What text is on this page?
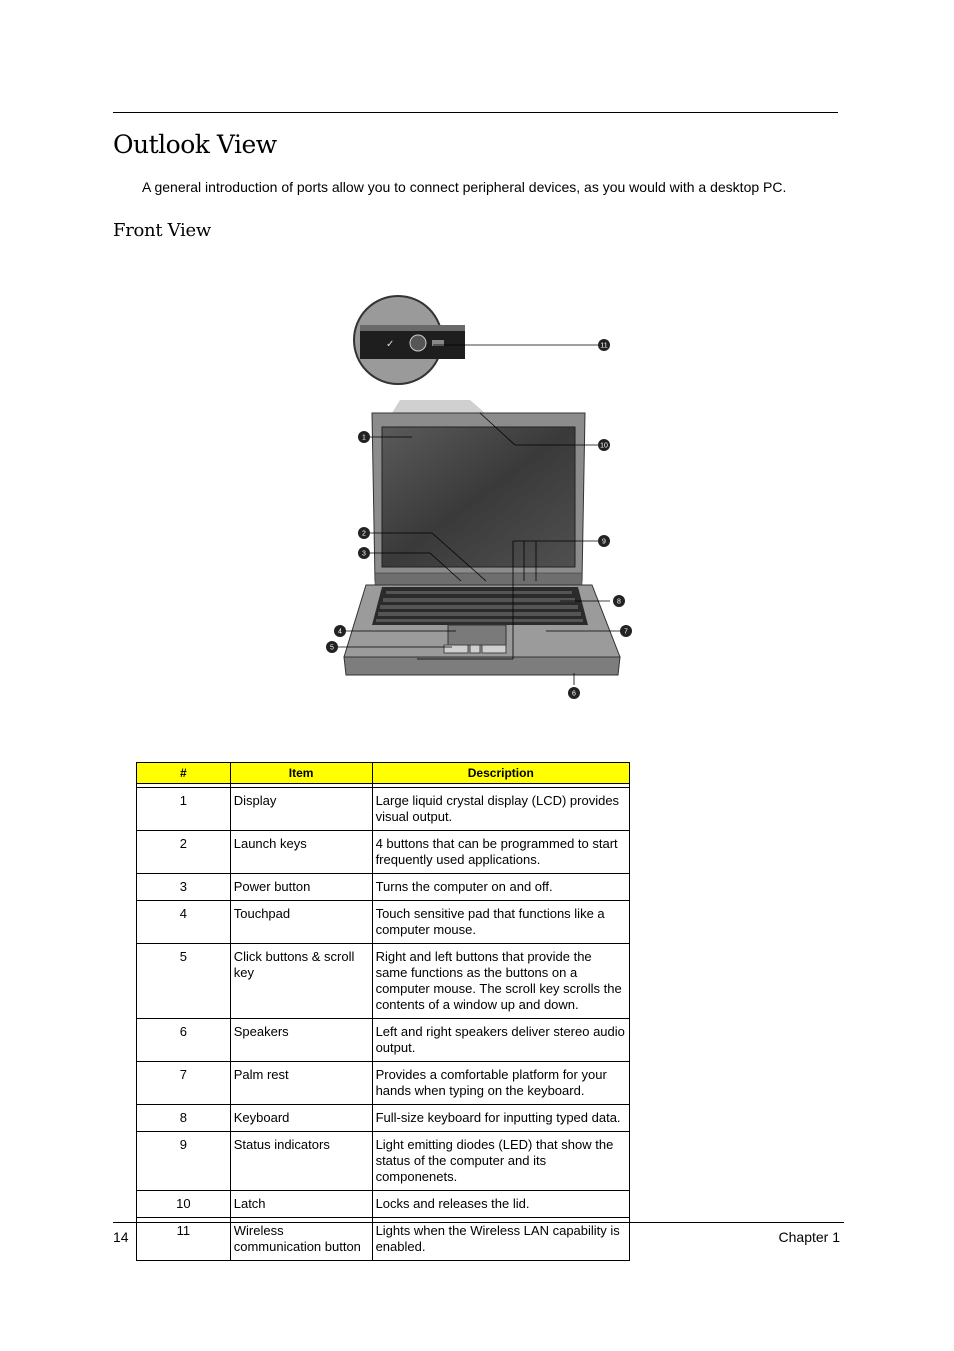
Outlook View
A general introduction of ports allow you to connect peripheral devices, as you would with a desktop PC.
Front View
✓	11
1
10
2
9
3
8
4	7
5
6
#	Item	Description

1	Display	Large liquid crystal display (LCD) provides visual output.
2	Launch keys	4 buttons that can be programmed to start frequently used applications.
3	Power button	Turns the computer on and off.
4	Touchpad	Touch sensitive pad that functions like a computer mouse.
5	Click buttons & scroll key	Right and left buttons that provide the same functions as the buttons on a computer mouse. The scroll key scrolls the contents of a window up and down.
6	Speakers	Left and right speakers deliver stereo audio output.
7	Palm rest	Provides a comfortable platform for your hands when typing on the keyboard.
8	Keyboard	Full-size keyboard for inputting typed data.
9	Status indicators	Light emitting diodes (LED) that show the status of the computer and its componenets.
10	Latch	Locks and releases the lid.
11	Wireless communication button	Lights when the Wireless LAN capability is enabled.
14	Chapter 1
